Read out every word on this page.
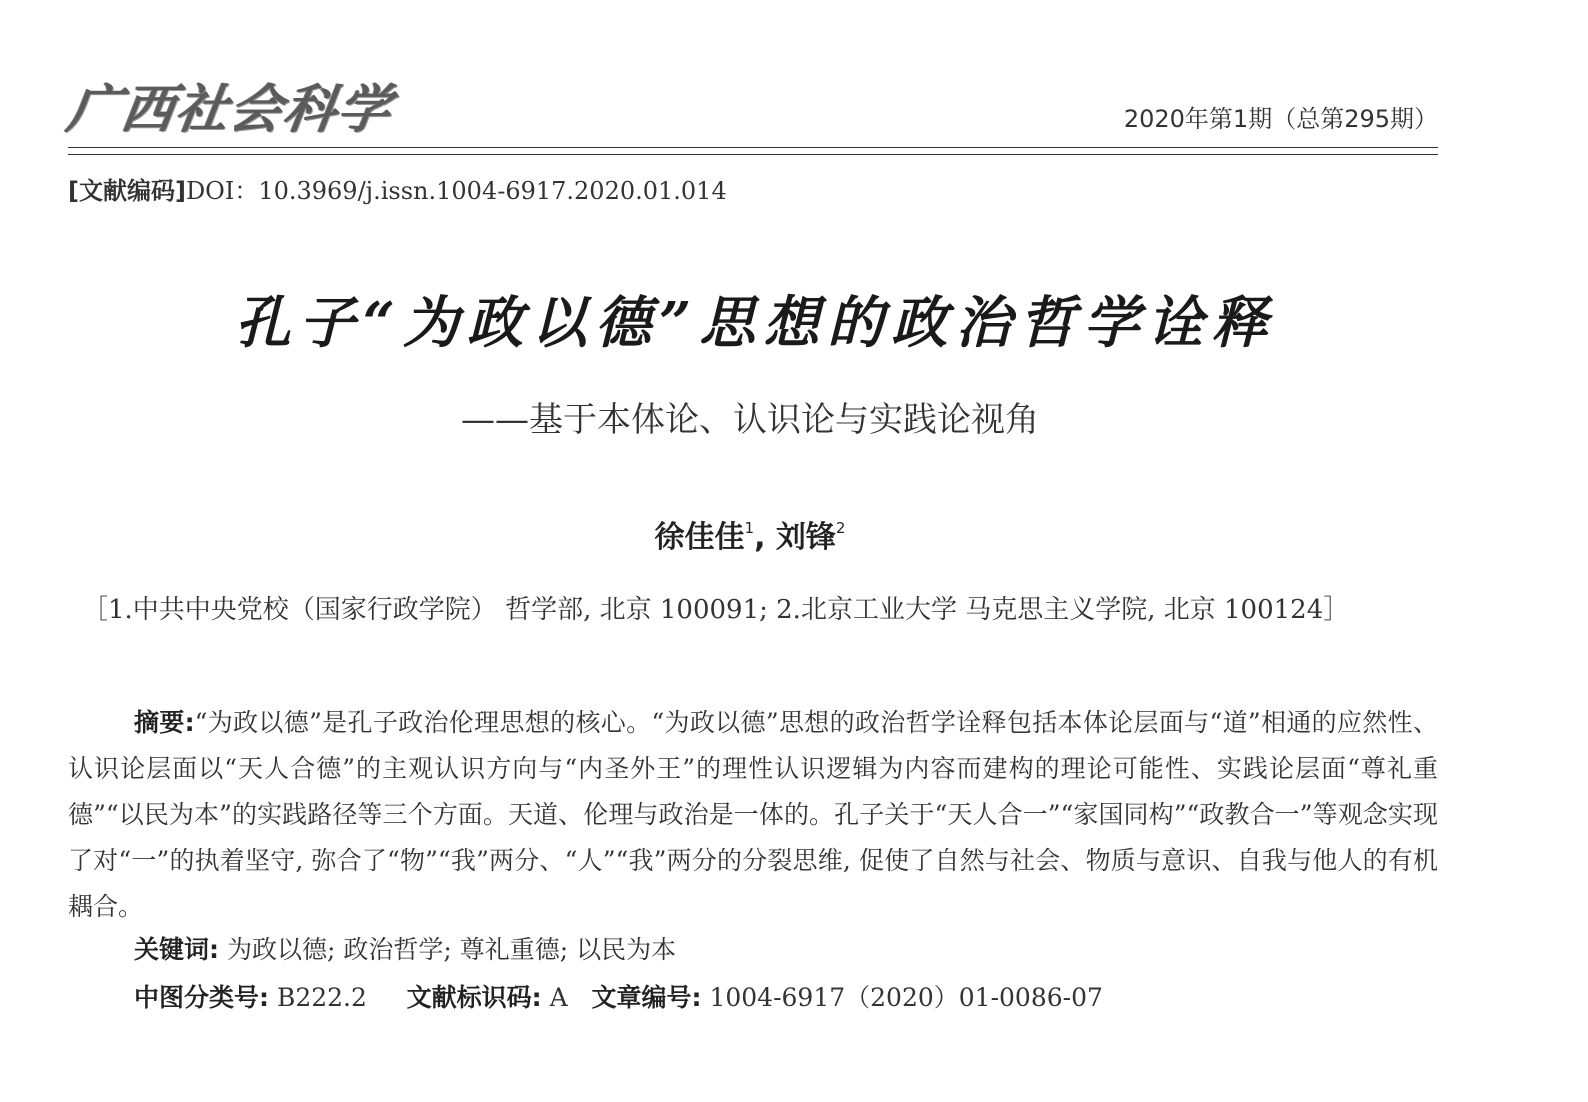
广西社会科学	2020年第1期（总第295期）
[文献编码]DOI：10.3969/j.issn.1004-6917.2020.01.014
孔子“为政以德”思想的政治哲学诠释
——基于本体论、认识论与实践论视角
徐佳佳$^1$, 刘锋$^2$
［1.中共中央党校（国家行政学院） 哲学部, 北京 100091; 2.北京工业大学 马克思主义学院, 北京 100124］
摘要:“为政以德”是孔子政治伦理思想的核心。“为政以德”思想的政治哲学诠释包括本体论层面与“道”相通的应然性、认识论层面以“天人合德”的主观认识方向与“内圣外王”的理性认识逻辑为内容而建构的理论可能性、实践论层面“尊礼重德”“以民为本”的实践路径等三个方面。天道、伦理与政治是一体的。孔子关于“天人合一”“家国同构”“政教合一”等观念实现了对“一”的执着坚守, 弥合了“物”“我”两分、“人”“我”两分的分裂思维, 促使了自然与社会、物质与意识、自我与他人的有机耦合。
关键词: 为政以德; 政治哲学; 尊礼重德; 以民为本
中图分类号: B222.2 文献标识码: A 文章编号: 1004-6917（2020）01-0086-07
